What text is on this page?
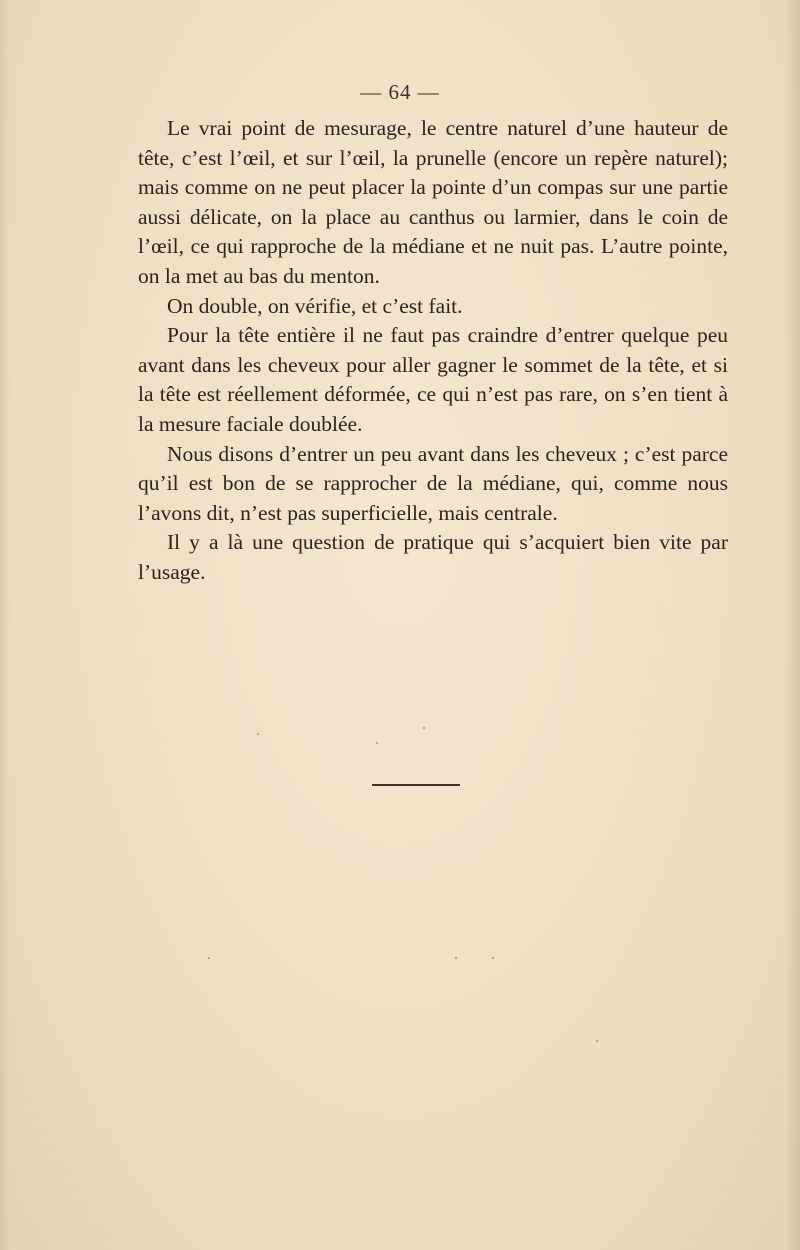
— 64 —

Le vrai point de mesurage, le centre naturel d’une hauteur de tête, c’est l’œil, et sur l’œil, la prunelle (encore un repère naturel); mais comme on ne peut placer la pointe d’un compas sur une partie aussi délicate, on la place au canthus ou larmier, dans le coin de l’œil, ce qui rapproche de la médiane et ne nuit pas. L’autre pointe, on la met au bas du menton.

On double, on vérifie, et c’est fait.

Pour la tête entière il ne faut pas craindre d’entrer quelque peu avant dans les cheveux pour aller gagner le sommet de la tête, et si la tête est réellement déformée, ce qui n’est pas rare, on s’en tient à la mesure faciale doublée.

Nous disons d’entrer un peu avant dans les cheveux ; c’est parce qu’il est bon de se rapprocher de la médiane, qui, comme nous l’avons dit, n’est pas superficielle, mais centrale.

Il y a là une question de pratique qui s’acquiert bien vite par l’usage.
